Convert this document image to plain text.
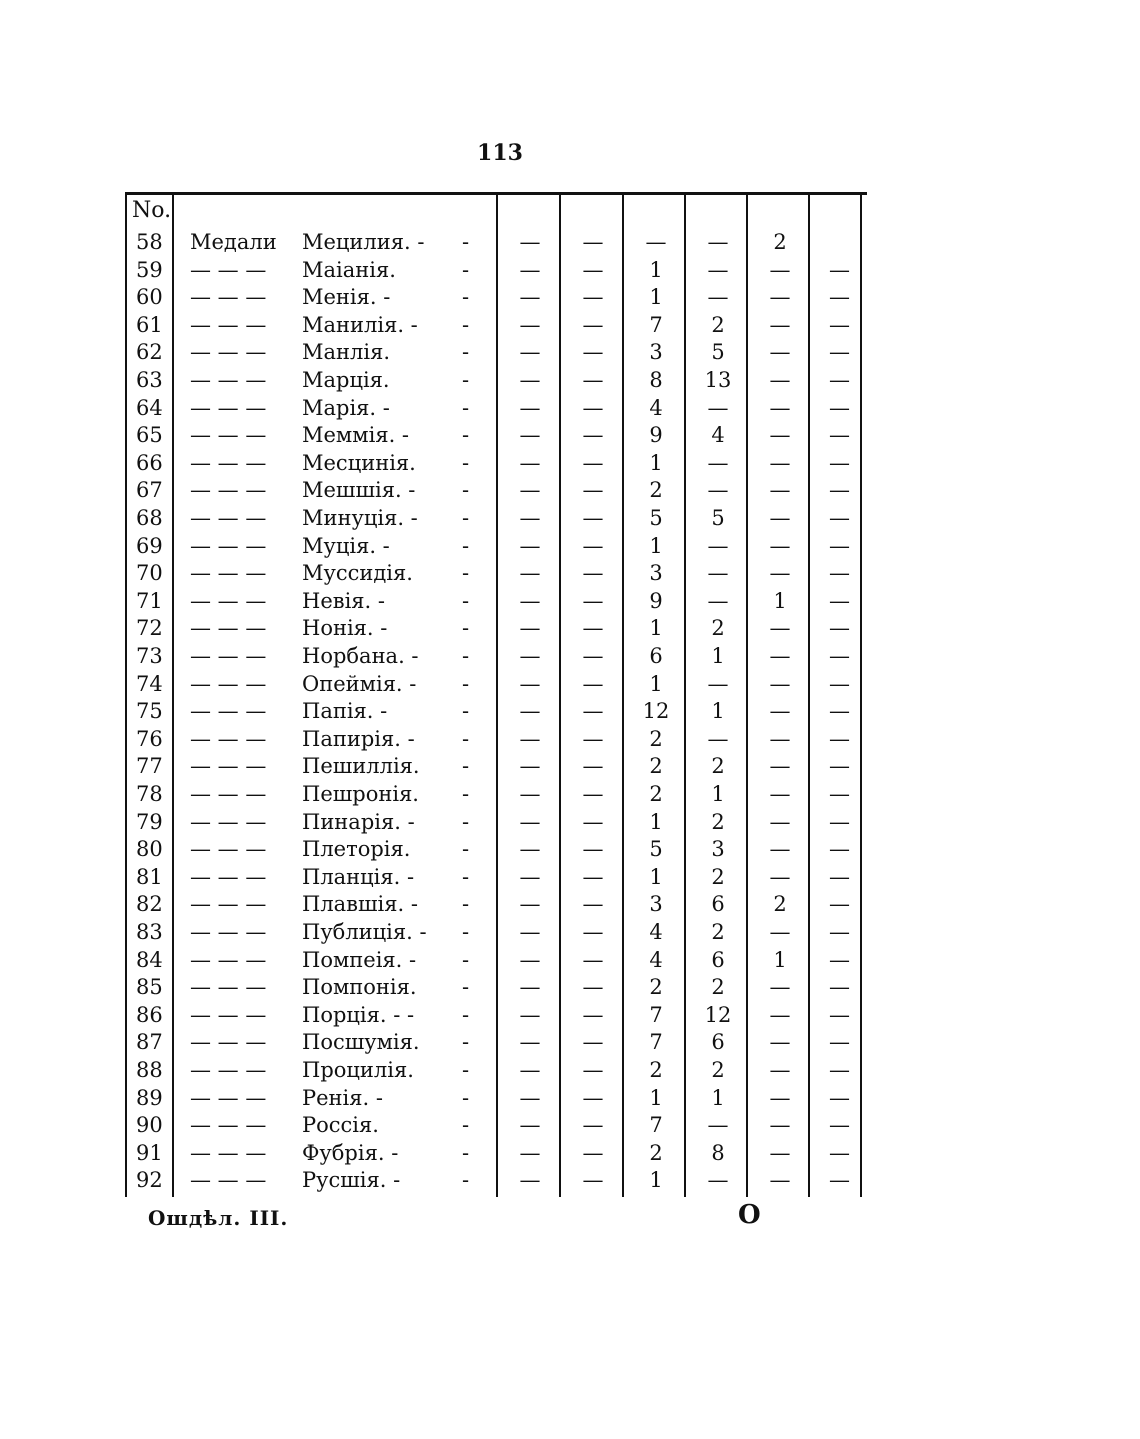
113
No.
58	Медали	Мецилия. -	-	—	—	—	—	2
59	— — —	Маіанія.	-	—	—	1	—	—	—
60	— — —	Менія. -	-	—	—	1	—	—	—
61	— — —	Манилія. -	-	—	—	7	2	—	—
62	— — —	Манлія.	-	—	—	3	5	—	—
63	— — —	Марція.	-	—	—	8	13	—	—
64	— — —	Марія. -	-	—	—	4	—	—	—
65	— — —	Меммія. -	-	—	—	9	4	—	—
66	— — —	Месцинія.	-	—	—	1	—	—	—
67	— — —	Мешшія. -	-	—	—	2	—	—	—
68	— — —	Минуція. -	-	—	—	5	5	—	—
69	— — —	Муція. -	-	—	—	1	—	—	—
70	— — —	Муссидія.	-	—	—	3	—	—	—
71	— — —	Невія. -	-	—	—	9	—	1	—
72	— — —	Нонія. -	-	—	—	1	2	—	—
73	— — —	Норбана. -	-	—	—	6	1	—	—
74	— — —	Опеймія. -	-	—	—	1	—	—	—
75	— — —	Папія. -	-	—	—	12	1	—	—
76	— — —	Папирія. -	-	—	—	2	—	—	—
77	— — —	Пешиллія.	-	—	—	2	2	—	—
78	— — —	Пешронія.	-	—	—	2	1	—	—
79	— — —	Пинарія. -	-	—	—	1	2	—	—
80	— — —	Плеторія.	-	—	—	5	3	—	—
81	— — —	Планція. -	-	—	—	1	2	—	—
82	— — —	Плавшія. -	-	—	—	3	6	2	—
83	— — —	Публиція. -	-	—	—	4	2	—	—
84	— — —	Помпеія. -	-	—	—	4	6	1	—
85	— — —	Помпонія.	-	—	—	2	2	—	—
86	— — —	Порція. - -	-	—	—	7	12	—	—
87	— — —	Посшумія.	-	—	—	7	6	—	—
88	— — —	Процилія.	-	—	—	2	2	—	—
89	— — —	Ренія. -	-	—	—	1	1	—	—
90	— — —	Россія.	-	—	—	7	—	—	—
91	— — —	Фубрія. -	-	—	—	2	8	—	—
92	— — —	Русшія. -	-	—	—	1	—	—	—
Ошдѣл. III.	O
